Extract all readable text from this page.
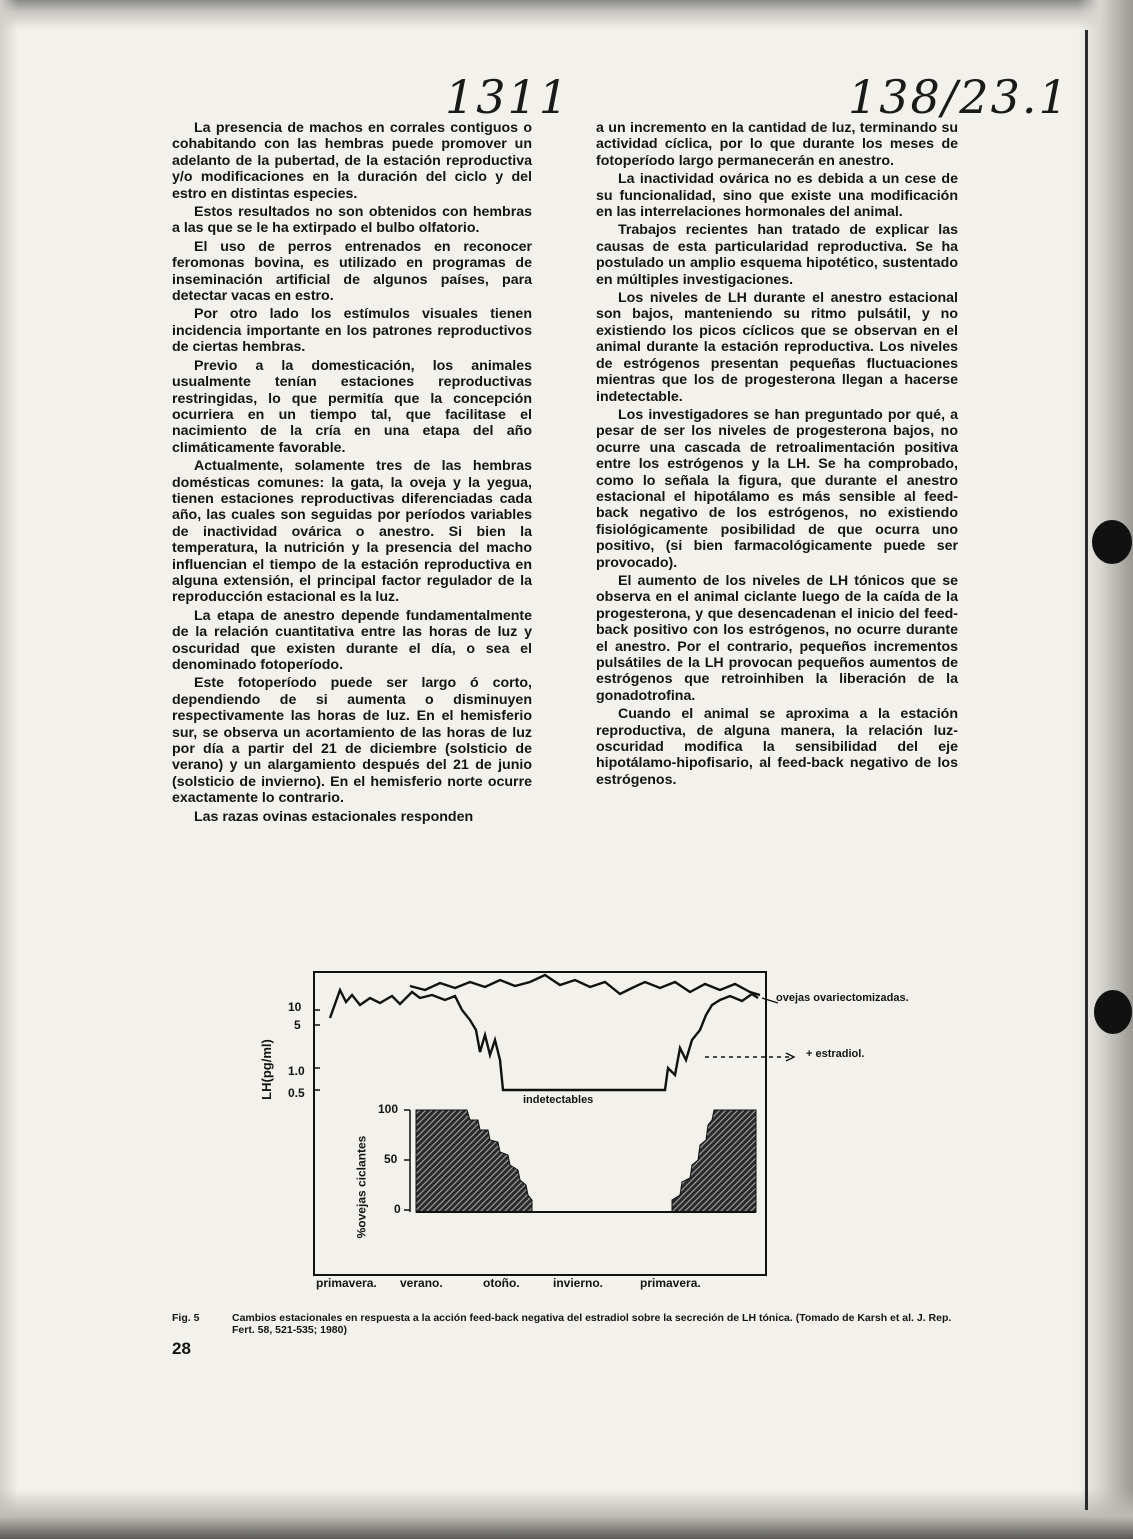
1311	138/23.1

La presencia de machos en corrales contiguos o cohabitando con las hembras puede promover un adelanto de la pubertad, de la estación reproductiva y/o modificaciones en la duración del ciclo y del estro en distintas especies.

Estos resultados no son obtenidos con hembras a las que se le ha extirpado el bulbo olfatorio.

El uso de perros entrenados en reconocer feromonas bovina, es utilizado en programas de inseminación artificial de algunos países, para detectar vacas en estro.

Por otro lado los estímulos visuales tienen incidencia importante en los patrones reproductivos de ciertas hembras.

Previo a la domesticación, los animales usualmente tenían estaciones reproductivas restringidas, lo que permitía que la concepción ocurriera en un tiempo tal, que facilitase el nacimiento de la cría en una etapa del año climáticamente favorable.

Actualmente, solamente tres de las hembras domésticas comunes: la gata, la oveja y la yegua, tienen estaciones reproductivas diferenciadas cada año, las cuales son seguidas por períodos variables de inactividad ovárica o anestro. Si bien la temperatura, la nutrición y la presencia del macho influencian el tiempo de la estación reproductiva en alguna extensión, el principal factor regulador de la reproducción estacional es la luz.

La etapa de anestro depende fundamentalmente de la relación cuantitativa entre las horas de luz y oscuridad que existen durante el día, o sea el denominado fotoperíodo.

Este fotoperíodo puede ser largo ó corto, dependiendo de si aumenta o disminuyen respectivamente las horas de luz. En el hemisferio sur, se observa un acortamiento de las horas de luz por día a partir del 21 de diciembre (solsticio de verano) y un alargamiento después del 21 de junio (solsticio de invierno). En el hemisferio norte ocurre exactamente lo contrario.

Las razas ovinas estacionales responden

a un incremento en la cantidad de luz, terminando su actividad cíclica, por lo que durante los meses de fotoperíodo largo permanecerán en anestro.

La inactividad ovárica no es debida a un cese de su funcionalidad, sino que existe una modificación en las interrelaciones hormonales del animal.

Trabajos recientes han tratado de explicar las causas de esta particularidad reproductiva. Se ha postulado un amplio esquema hipotético, sustentado en múltiples investigaciones.

Los niveles de LH durante el anestro estacional son bajos, manteniendo su ritmo pulsátil, y no existiendo los picos cíclicos que se observan en el animal durante la estación reproductiva. Los niveles de estrógenos presentan pequeñas fluctuaciones mientras que los de progesterona llegan a hacerse indetectable.

Los investigadores se han preguntado por qué, a pesar de ser los niveles de progesterona bajos, no ocurre una cascada de retroalimentación positiva entre los estrógenos y la LH. Se ha comprobado, como lo señala la figura, que durante el anestro estacional el hipotálamo es más sensible al feed-back negativo de los estrógenos, no existiendo fisiológicamente posibilidad de que ocurra uno positivo, (si bien farmacológicamente puede ser provocado).

El aumento de los niveles de LH tónicos que se observa en el animal ciclante luego de la caída de la progesterona, y que desencadenan el inicio del feed-back positivo con los estrógenos, no ocurre durante el anestro. Por el contrario, pequeños incrementos pulsátiles de la LH provocan pequeños aumentos de estrógenos que retroinhiben la liberación de la gonadotrofina.

Cuando el animal se aproxima a la estación reproductiva, de alguna manera, la relación luz-oscuridad modifica la sensibilidad del eje hipotálamo-hipofisario, al feed-back negativo de los estrógenos.

10
5
1.0
0.5
LH(pg/ml)
ovejas ovariectomizadas.
+ estradiol.
indetectables
100
50
0
%ovejas ciclantes
primavera. verano.	otoño.	invierno.	primavera.
Fig. 5	Cambios estacionales en respuesta a la acción feed-back negativa del estradiol sobre la secreción de LH tónica. (Tomado de Karsh et al. J. Rep. Fert. 58, 521-535; 1980)
28
